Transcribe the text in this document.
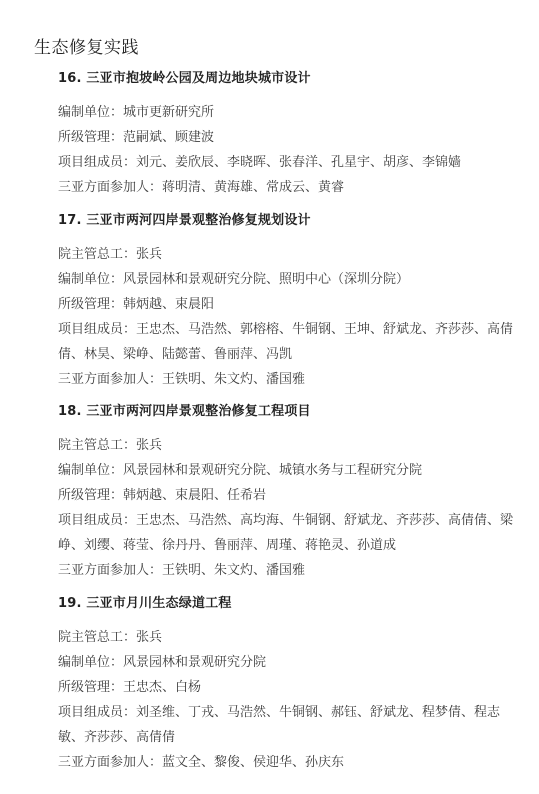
生态修复实践
16. 三亚市抱坡岭公园及周边地块城市设计
编制单位：城市更新研究所
所级管理：范嗣斌、顾建波
项目组成员：刘元、姜欣辰、李晓晖、张春洋、孔星宇、胡彦、李锦嫱
三亚方面参加人：蒋明清、黄海雄、常成云、黄睿
17. 三亚市两河四岸景观整治修复规划设计
院主管总工：张兵
编制单位：风景园林和景观研究分院、照明中心（深圳分院）
所级管理：韩炳越、束晨阳
项目组成员：王忠杰、马浩然、郭榕榕、牛铜钢、王坤、舒斌龙、齐莎莎、高倩倩、林昊、梁峥、陆懿蕾、鲁丽萍、冯凯
三亚方面参加人：王铁明、朱文灼、潘国雅
18. 三亚市两河四岸景观整治修复工程项目
院主管总工：张兵
编制单位：风景园林和景观研究分院、城镇水务与工程研究分院
所级管理：韩炳越、束晨阳、任希岩
项目组成员：王忠杰、马浩然、高均海、牛铜钢、舒斌龙、齐莎莎、高倩倩、梁峥、刘缨、蒋莹、徐丹丹、鲁丽萍、周瑾、蒋艳灵、孙道成
三亚方面参加人：王铁明、朱文灼、潘国雅
19. 三亚市月川生态绿道工程
院主管总工：张兵
编制单位：风景园林和景观研究分院
所级管理：王忠杰、白杨
项目组成员：刘圣维、丁戎、马浩然、牛铜钢、郝钰、舒斌龙、程梦倩、程志敏、齐莎莎、高倩倩
三亚方面参加人：蓝文全、黎俊、侯迎华、孙庆东
